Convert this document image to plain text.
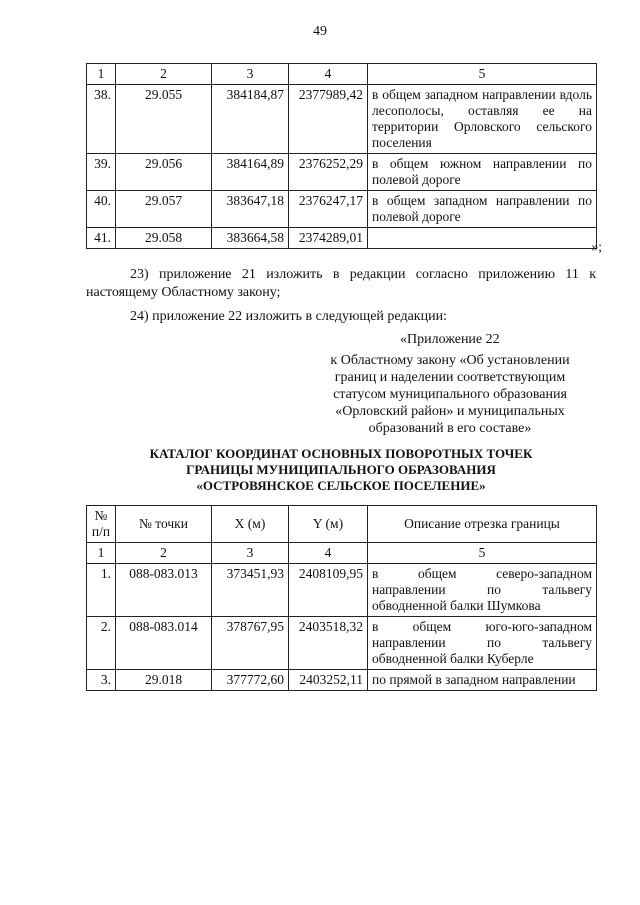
49
1	2	3	4	5
38.	29.055	384184,87	2377989,42	в общем западном направлении вдоль лесополосы, оставляя ее на территории Орловского сельского поселения
39.	29.056	384164,89	2376252,29	в общем южном направлении по полевой дороге
40.	29.057	383647,18	2376247,17	в общем западном направлении по полевой дороге
41.	29.058	383664,58	2374289,01	
»;

23) приложение 21 изложить в редакции согласно приложению 11 к настоящему Областному закону;

24) приложение 22 изложить в следующей редакции:

«Приложение 22
к Областному закону «Об установлении
границ и наделении соответствующим
статусом муниципального образования
«Орловский район» и муниципальных
образований в его составе»
КАТАЛОГ КООРДИНАТ ОСНОВНЫХ ПОВОРОТНЫХ ТОЧЕК
ГРАНИЦЫ МУНИЦИПАЛЬНОГО ОБРАЗОВАНИЯ
«ОСТРОВЯНСКОЕ СЕЛЬСКОЕ ПОСЕЛЕНИЕ»
№ п/п	№ точки	X (м)	Y (м)	Описание отрезка границы
1	2	3	4	5
1.	088-083.013	373451,93	2408109,95	в общем северо-западном направлении по тальвегу обводненной балки Шумкова
2.	088-083.014	378767,95	2403518,32	в общем юго-юго-западном направлении по тальвегу обводненной балки Куберле
3.	29.018	377772,60	2403252,11	по прямой в западном направлении
